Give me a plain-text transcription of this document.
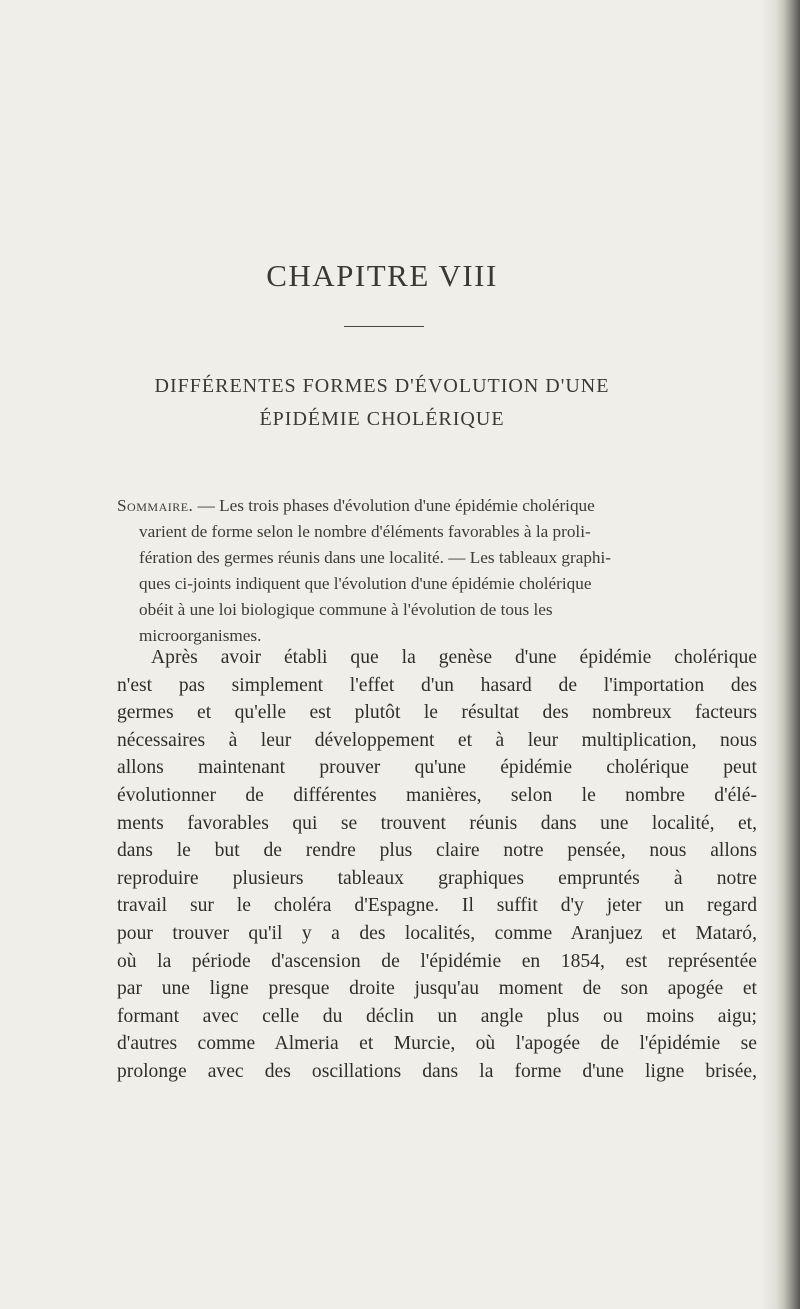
CHAPITRE VIII
DIFFÉRENTES FORMES D'ÉVOLUTION D'UNE
ÉPIDÉMIE CHOLÉRIQUE
Sommaire. — Les trois phases d'évolution d'une épidémie cholérique
varient de forme selon le nombre d'éléments favorables à la proli-
fération des germes réunis dans une localité. — Les tableaux graphi-
ques ci-joints indiquent que l'évolution d'une épidémie cholérique
obéit à une loi biologique commune à l'évolution de tous les
microorganismes.
Après avoir établi que la genèse d'une épidémie cholérique
n'est pas simplement l'effet d'un hasard de l'importation des
germes et qu'elle est plutôt le résultat des nombreux facteurs
nécessaires à leur développement et à leur multiplication, nous
allons maintenant prouver qu'une épidémie cholérique peut
évolutionner de différentes manières, selon le nombre d'élé-
ments favorables qui se trouvent réunis dans une localité, et,
dans le but de rendre plus claire notre pensée, nous allons
reproduire plusieurs tableaux graphiques empruntés à notre
travail sur le choléra d'Espagne. Il suffit d'y jeter un regard
pour trouver qu'il y a des localités, comme Aranjuez et Mataró,
où la période d'ascension de l'épidémie en 1854, est représentée
par une ligne presque droite jusqu'au moment de son apogée et
formant avec celle du déclin un angle plus ou moins aigu;
d'autres comme Almeria et Murcie, où l'apogée de l'épidémie se
prolonge avec des oscillations dans la forme d'une ligne brisée,
